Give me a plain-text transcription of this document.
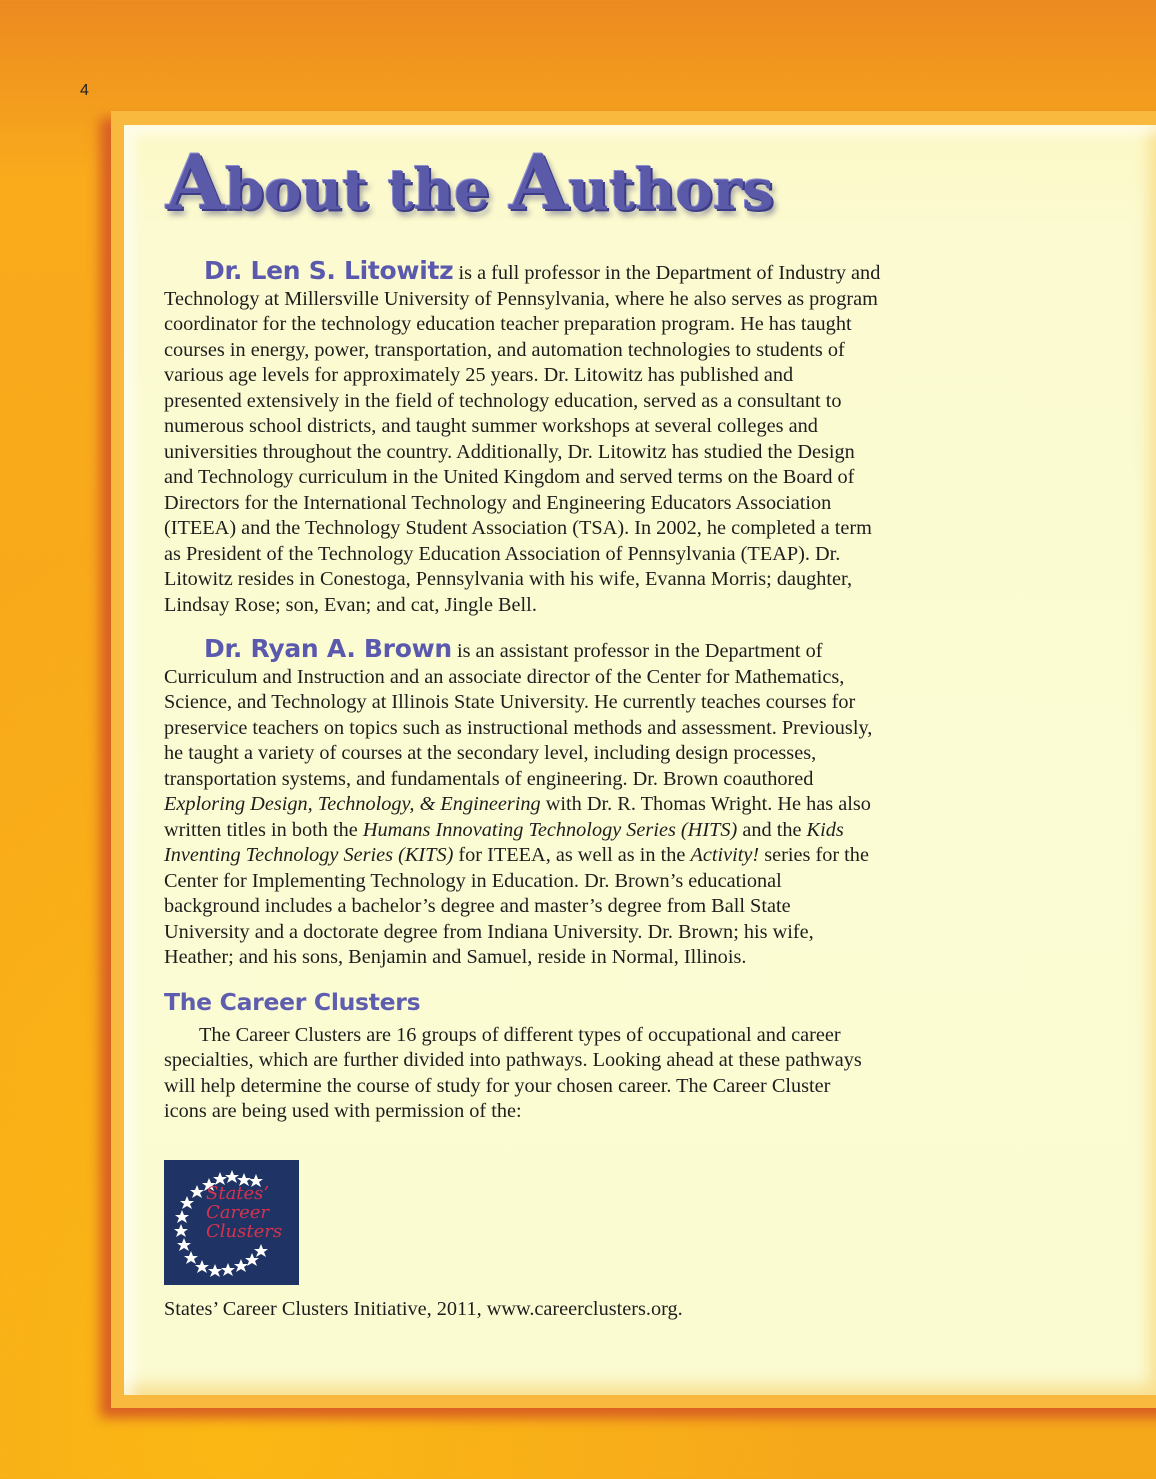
4
About the Authors
Dr. Len S. Litowitz is a full professor in the Department of Industry and
Technology at Millersville University of Pennsylvania, where he also serves as program
coordinator for the technology education teacher preparation program. He has taught
courses in energy, power, transportation, and automation technologies to students of
various age levels for approximately 25 years. Dr. Litowitz has published and
presented extensively in the field of technology education, served as a consultant to
numerous school districts, and taught summer workshops at several colleges and
universities throughout the country. Additionally, Dr. Litowitz has studied the Design
and Technology curriculum in the United Kingdom and served terms on the Board of
Directors for the International Technology and Engineering Educators Association
(ITEEA) and the Technology Student Association (TSA). In 2002, he completed a term
as President of the Technology Education Association of Pennsylvania (TEAP). Dr.
Litowitz resides in Conestoga, Pennsylvania with his wife, Evanna Morris; daughter,
Lindsay Rose; son, Evan; and cat, Jingle Bell.
Dr. Ryan A. Brown is an assistant professor in the Department of
Curriculum and Instruction and an associate director of the Center for Mathematics,
Science, and Technology at Illinois State University. He currently teaches courses for
preservice teachers on topics such as instructional methods and assessment. Previously,
he taught a variety of courses at the secondary level, including design processes,
transportation systems, and fundamentals of engineering. Dr. Brown coauthored
Exploring Design, Technology, & Engineering with Dr. R. Thomas Wright. He has also
written titles in both the Humans Innovating Technology Series (HITS) and the Kids
Inventing Technology Series (KITS) for ITEEA, as well as in the Activity! series for the
Center for Implementing Technology in Education. Dr. Brown’s educational
background includes a bachelor’s degree and master’s degree from Ball State
University and a doctorate degree from Indiana University. Dr. Brown; his wife,
Heather; and his sons, Benjamin and Samuel, reside in Normal, Illinois.
The Career Clusters
The Career Clusters are 16 groups of different types of occupational and career
specialties, which are further divided into pathways. Looking ahead at these pathways
will help determine the course of study for your chosen career. The Career Cluster
icons are being used with permission of the:
States’
Career
Clusters
States’ Career Clusters Initiative, 2011, www.careerclusters.org.
